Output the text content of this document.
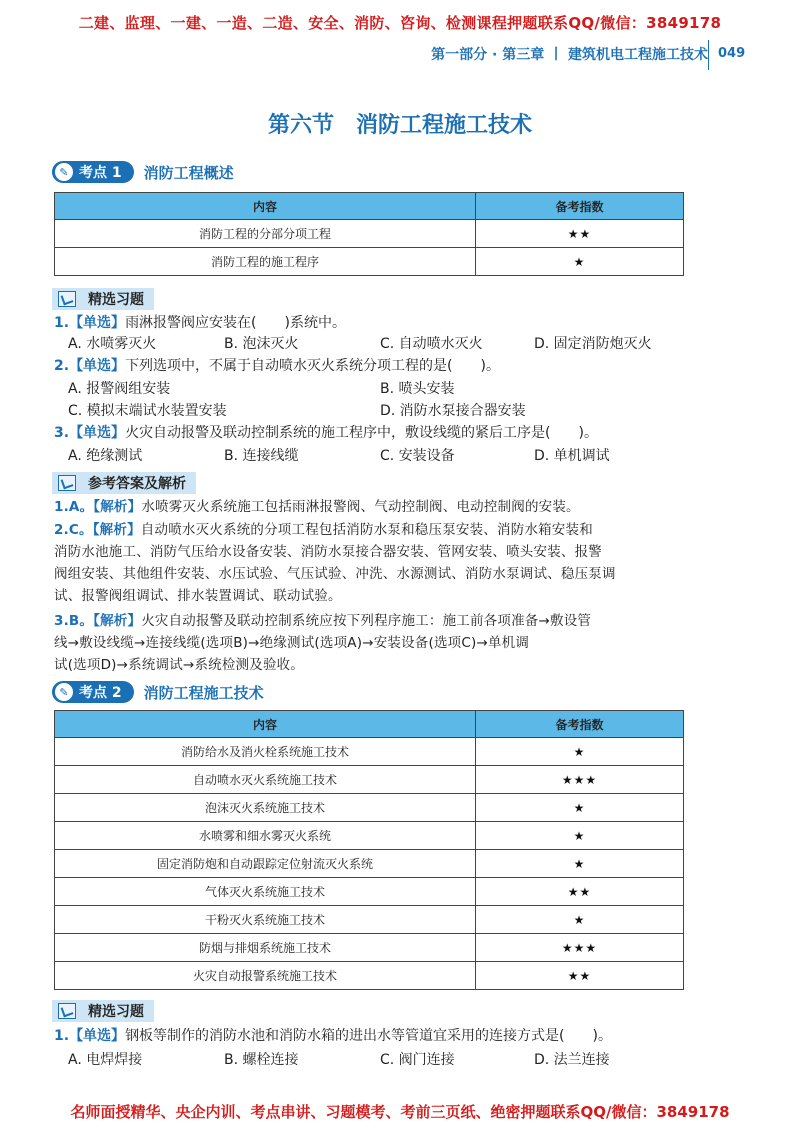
二建、监理、一建、一造、二造、安全、消防、咨询、检测课程押题联系QQ/微信：3849178
第一部分 · 第三章 丨 建筑机电工程施工技术 049
第六节　消防工程施工技术
✎ 考点 1 消防工程概述
内容	备考指数
消防工程的分部分项工程	★★
消防工程的施工程序	★
精选习题
1.【单选】雨淋报警阀应安装在(　　)系统中。
A. 水喷雾灭火	B. 泡沫灭火	C. 自动喷水灭火	D. 固定消防炮灭火
2.【单选】下列选项中，不属于自动喷水灭火系统分项工程的是(　　)。
A. 报警阀组安装	B. 喷头安装
C. 模拟末端试水装置安装	D. 消防水泵接合器安装
3.【单选】火灾自动报警及联动控制系统的施工程序中，敷设线缆的紧后工序是(　　)。
A. 绝缘测试	B. 连接线缆	C. 安装设备	D. 单机调试
参考答案及解析
1.A。【解析】水喷雾灭火系统施工包括雨淋报警阀、气动控制阀、电动控制阀的安装。
2.C。【解析】自动喷水灭火系统的分项工程包括消防水泵和稳压泵安装、消防水箱安装和
消防水池施工、消防气压给水设备安装、消防水泵接合器安装、管网安装、喷头安装、报警
阀组安装、其他组件安装、水压试验、气压试验、冲洗、水源测试、消防水泵调试、稳压泵调
试、报警阀组调试、排水装置调试、联动试验。
3.B。【解析】火灾自动报警及联动控制系统应按下列程序施工：施工前各项准备→敷设管
线→敷设线缆→连接线缆(选项B)→绝缘测试(选项A)→安装设备(选项C)→单机调
试(选项D)→系统调试→系统检测及验收。
✎ 考点 2 消防工程施工技术
内容	备考指数
消防给水及消火栓系统施工技术	★
自动喷水灭火系统施工技术	★★★
泡沫灭火系统施工技术	★
水喷雾和细水雾灭火系统	★
固定消防炮和自动跟踪定位射流灭火系统	★
气体灭火系统施工技术	★★
干粉灭火系统施工技术	★
防烟与排烟系统施工技术	★★★
火灾自动报警系统施工技术	★★
精选习题
1.【单选】钢板等制作的消防水池和消防水箱的进出水等管道宜采用的连接方式是(　　)。
A. 电焊焊接	B. 螺栓连接	C. 阀门连接	D. 法兰连接
名师面授精华、央企内训、考点串讲、习题模考、考前三页纸、绝密押题联系QQ/微信：3849178
